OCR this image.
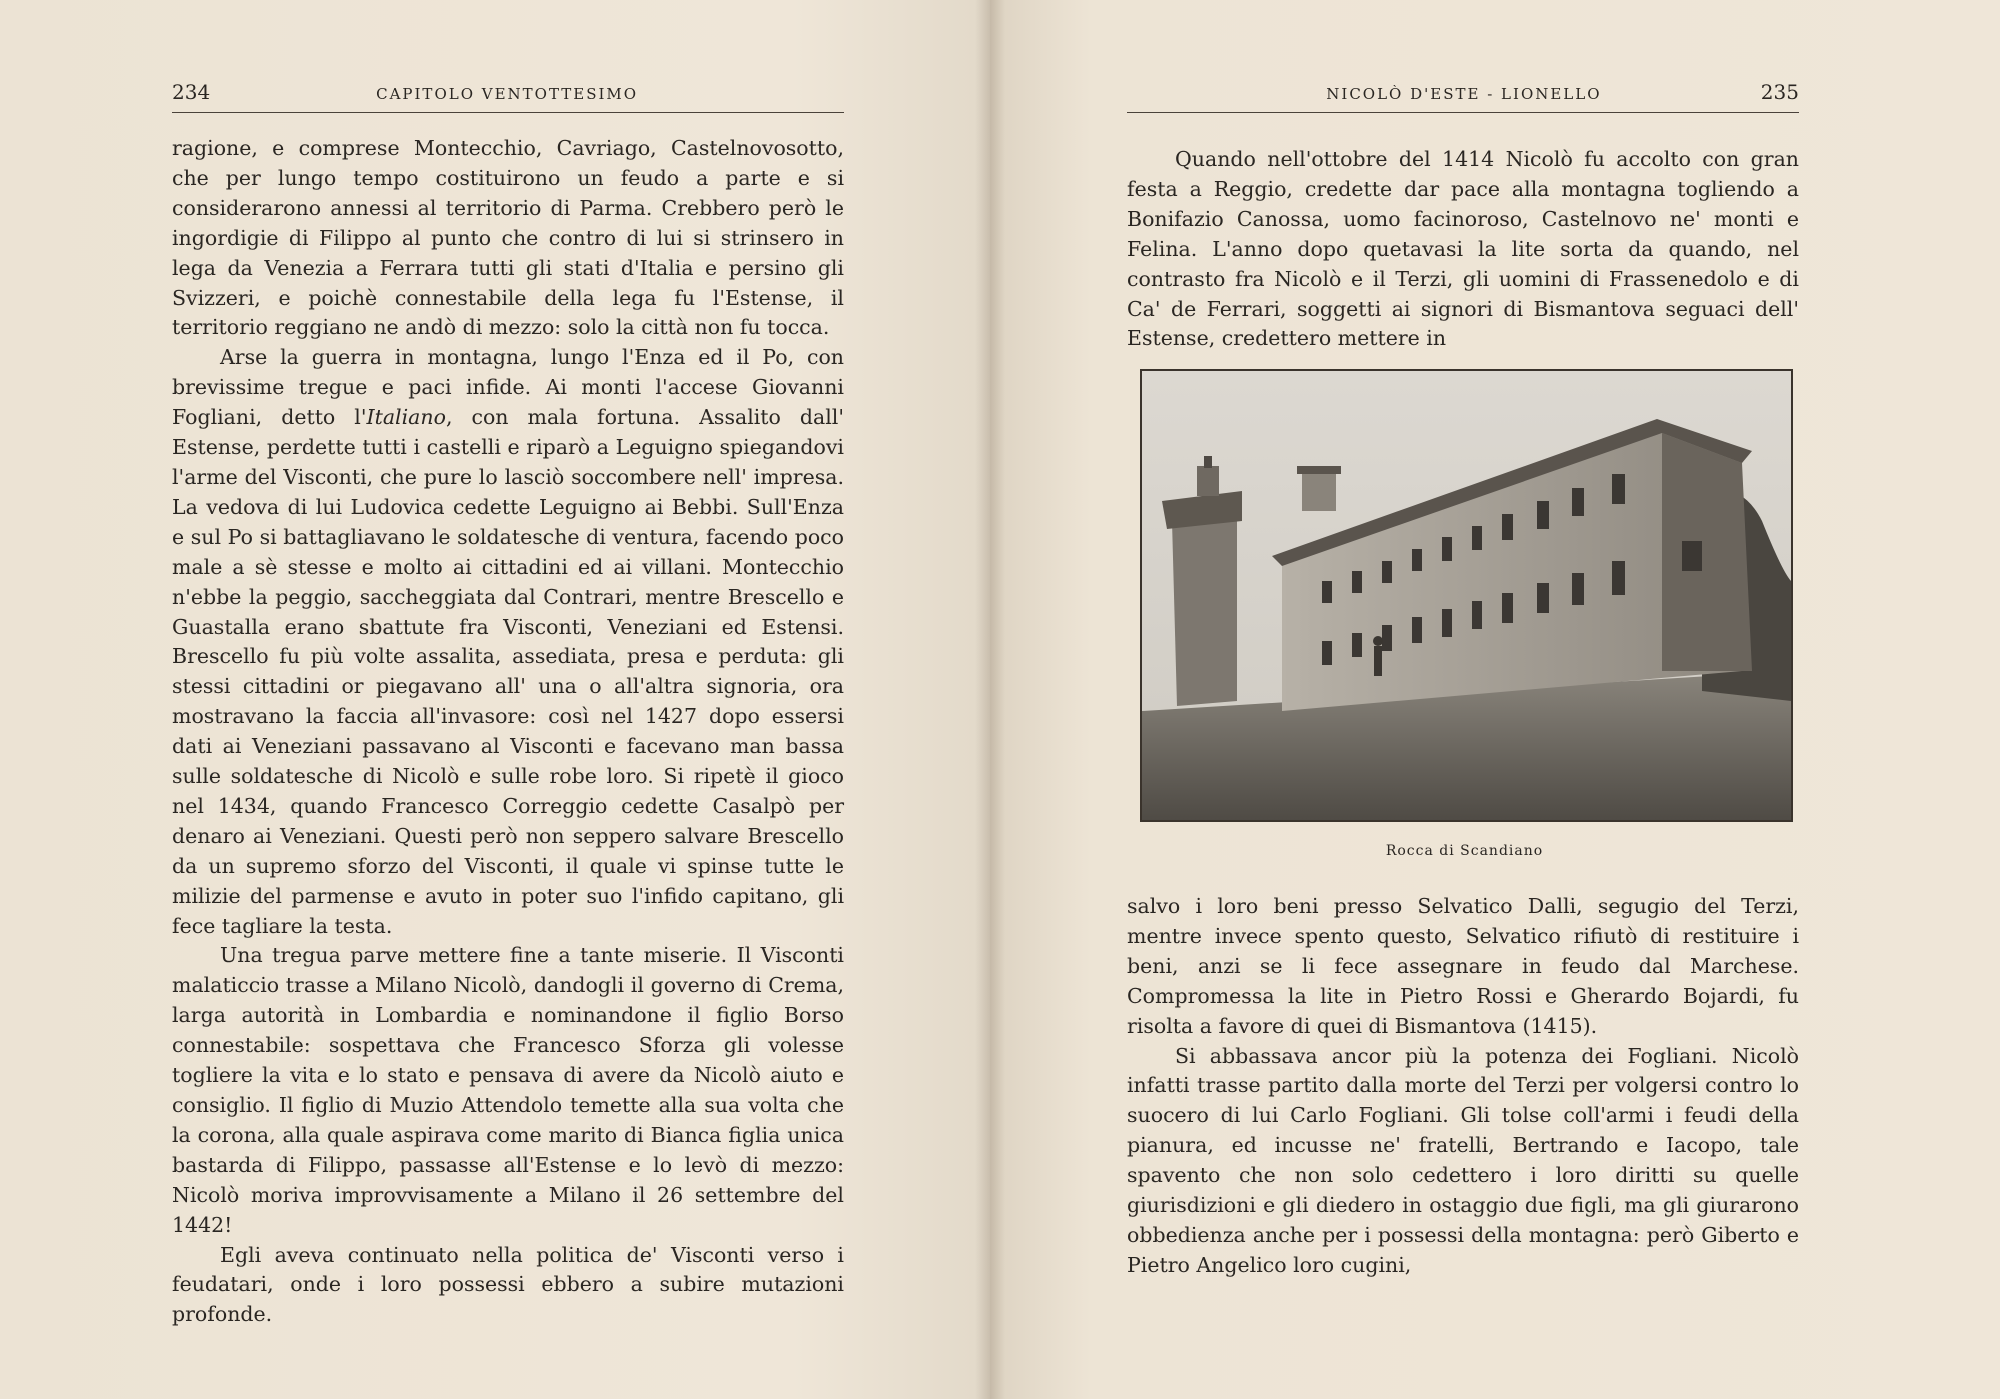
234	CAPITOLO VENTOTTESIMO

ragione, e comprese Montecchio, Cavriago, Castelnovosotto, che per lungo tempo costituirono un feudo a parte e si considerarono annessi al territorio di Parma. Crebbero però le ingordigie di Filippo al punto che contro di lui si strinsero in lega da Venezia a Ferrara tutti gli stati d'Italia e persino gli Svizzeri, e poichè connestabile della lega fu l'Estense, il territorio reggiano ne andò di mezzo: solo la città non fu tocca.

Arse la guerra in montagna, lungo l'Enza ed il Po, con brevissime tregue e paci infide. Ai monti l'accese Giovanni Fogliani, detto l'Italiano, con mala fortuna. Assalito dall' Estense, perdette tutti i castelli e riparò a Leguigno spiegandovi l'arme del Visconti, che pure lo lasciò soccombere nell' impresa. La vedova di lui Ludovica cedette Leguigno ai Bebbi. Sull'Enza e sul Po si battagliavano le soldatesche di ventura, facendo poco male a sè stesse e molto ai cittadini ed ai villani. Montecchio n'ebbe la peggio, saccheggiata dal Contrari, mentre Brescello e Guastalla erano sbattute fra Visconti, Veneziani ed Estensi. Brescello fu più volte assalita, assediata, presa e perduta: gli stessi cittadini or piegavano all' una o all'altra signoria, ora mostravano la faccia all'invasore: così nel 1427 dopo essersi dati ai Veneziani passavano al Visconti e facevano man bassa sulle soldatesche di Nicolò e sulle robe loro. Si ripetè il gioco nel 1434, quando Francesco Correggio cedette Casalpò per denaro ai Veneziani. Questi però non seppero salvare Brescello da un supremo sforzo del Visconti, il quale vi spinse tutte le milizie del parmense e avuto in poter suo l'infido capitano, gli fece tagliare la testa.

Una tregua parve mettere fine a tante miserie. Il Visconti malaticcio trasse a Milano Nicolò, dandogli il governo di Crema, larga autorità in Lombardia e nominandone il figlio Borso connestabile: sospettava che Francesco Sforza gli volesse togliere la vita e lo stato e pensava di avere da Nicolò aiuto e consiglio. Il figlio di Muzio Attendolo temette alla sua volta che la corona, alla quale aspirava come marito di Bianca figlia unica bastarda di Filippo, passasse all'Estense e lo levò di mezzo: Nicolò moriva improvvisamente a Milano il 26 settembre del 1442!

Egli aveva continuato nella politica de' Visconti verso i feudatari, onde i loro possessi ebbero a subire mutazioni profonde.

NICOLÒ D'ESTE - LIONELLO	235

Quando nell'ottobre del 1414 Nicolò fu accolto con gran festa a Reggio, credette dar pace alla montagna togliendo a Bonifazio Canossa, uomo facinoroso, Castelnovo ne' monti e Felina. L'anno dopo quetavasi la lite sorta da quando, nel contrasto fra Nicolò e il Terzi, gli uomini di Frassenedolo e di Ca' de Ferrari, soggetti ai signori di Bismantova seguaci dell' Estense, credettero mettere in

Rocca di Scandiano

salvo i loro beni presso Selvatico Dalli, segugio del Terzi, mentre invece spento questo, Selvatico rifiutò di restituire i beni, anzi se li fece assegnare in feudo dal Marchese. Compromessa la lite in Pietro Rossi e Gherardo Bojardi, fu risolta a favore di quei di Bismantova (1415).

Si abbassava ancor più la potenza dei Fogliani. Nicolò infatti trasse partito dalla morte del Terzi per volgersi contro lo suocero di lui Carlo Fogliani. Gli tolse coll'armi i feudi della pianura, ed incusse ne' fratelli, Bertrando e Iacopo, tale spavento che non solo cedettero i loro diritti su quelle giurisdizioni e gli diedero in ostaggio due figli, ma gli giurarono obbedienza anche per i possessi della montagna: però Giberto e Pietro Angelico loro cugini,
